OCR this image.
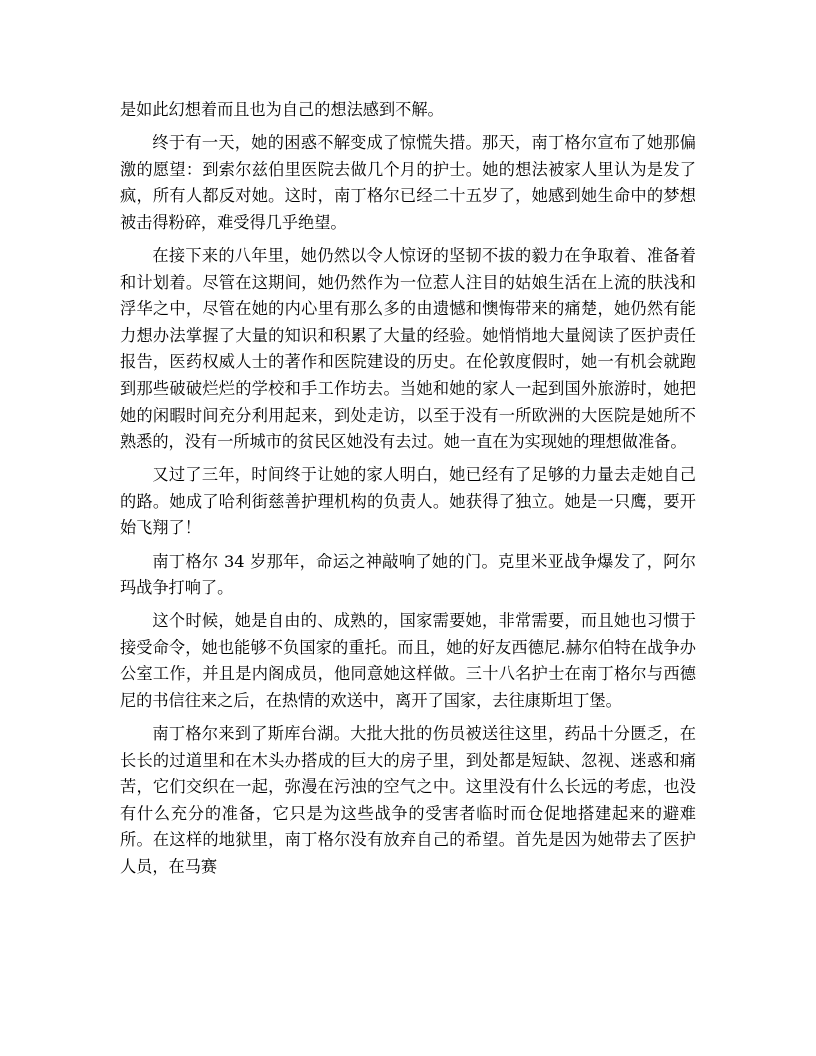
是如此幻想着而且也为自己的想法感到不解。

终于有一天，她的困惑不解变成了惊慌失措。那天，南丁格尔宣布了她那偏激的愿望：到索尔兹伯里医院去做几个月的护士。她的想法被家人里认为是发了疯，所有人都反对她。这时，南丁格尔已经二十五岁了，她感到她生命中的梦想被击得粉碎，难受得几乎绝望。

在接下来的八年里，她仍然以令人惊讶的坚韧不拔的毅力在争取着、准备着和计划着。尽管在这期间，她仍然作为一位惹人注目的姑娘生活在上流的肤浅和浮华之中，尽管在她的内心里有那么多的由遗憾和懊悔带来的痛楚，她仍然有能力想办法掌握了大量的知识和积累了大量的经验。她悄悄地大量阅读了医护责任报告，医药权威人士的著作和医院建设的历史。在伦敦度假时，她一有机会就跑到那些破破烂烂的学校和手工作坊去。当她和她的家人一起到国外旅游时，她把她的闲暇时间充分利用起来，到处走访，以至于没有一所欧洲的大医院是她所不熟悉的，没有一所城市的贫民区她没有去过。她一直在为实现她的理想做准备。

又过了三年，时间终于让她的家人明白，她已经有了足够的力量去走她自己的路。她成了哈利街慈善护理机构的负责人。她获得了独立。她是一只鹰，要开始飞翔了！

南丁格尔 34 岁那年，命运之神敲响了她的门。克里米亚战争爆发了，阿尔玛战争打响了。

这个时候，她是自由的、成熟的，国家需要她，非常需要，而且她也习惯于接受命令，她也能够不负国家的重托。而且，她的好友西德尼.赫尔伯特在战争办公室工作，并且是内阁成员，他同意她这样做。三十八名护士在南丁格尔与西德尼的书信往来之后，在热情的欢送中，离开了国家，去往康斯坦丁堡。

南丁格尔来到了斯库台湖。大批大批的伤员被送往这里，药品十分匮乏，在长长的过道里和在木头办搭成的巨大的房子里，到处都是短缺、忽视、迷惑和痛苦，它们交织在一起，弥漫在污浊的空气之中。这里没有什么长远的考虑，也没有什么充分的准备，它只是为这些战争的受害者临时而仓促地搭建起来的避难所。在这样的地狱里，南丁格尔没有放弃自己的希望。首先是因为她带去了医护人员，在马赛
